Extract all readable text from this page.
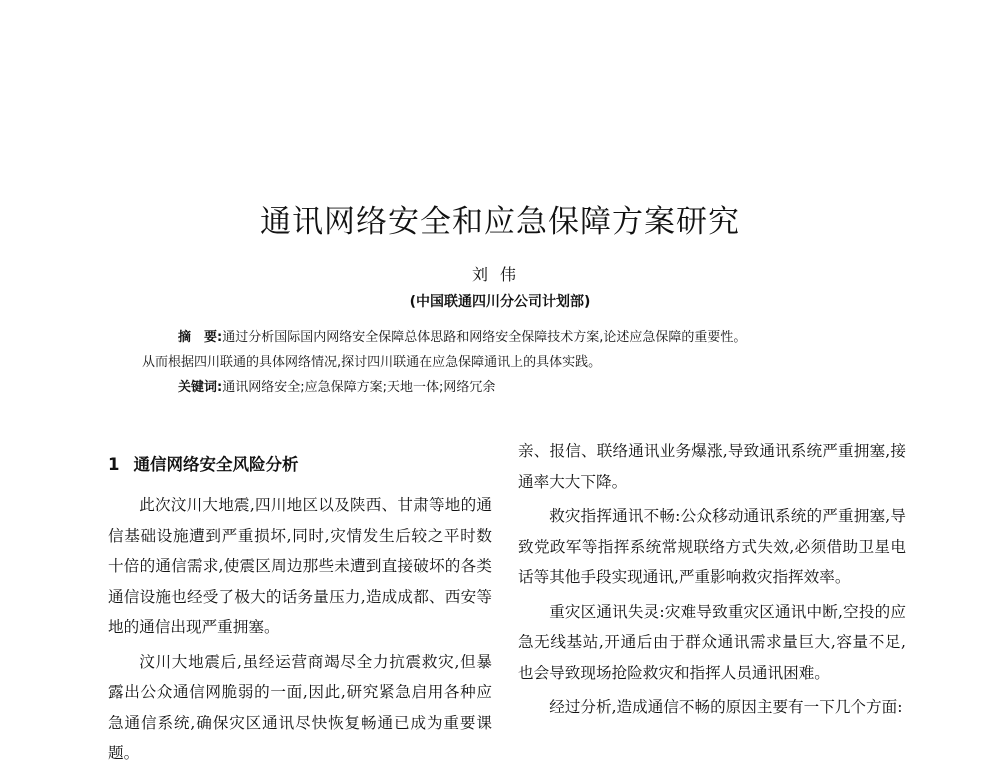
通讯网络安全和应急保障方案研究
刘伟
(中国联通四川分公司计划部)

摘　要:通过分析国际国内网络安全保障总体思路和网络安全保障技术方案,论述应急保障的重要性。

从而根据四川联通的具体网络情况,探讨四川联通在应急保障通讯上的具体实践。

关键词:通讯网络安全;应急保障方案;天地一体;网络冗余

1 通信网络安全风险分析

此次汶川大地震,四川地区以及陕西、甘肃等地的通信基础设施遭到严重损坏,同时,灾情发生后较之平时数十倍的通信需求,使震区周边那些未遭到直接破坏的各类通信设施也经受了极大的话务量压力,造成成都、西安等地的通信出现严重拥塞。

汶川大地震后,虽经运营商竭尽全力抗震救灾,但暴露出公众通信网脆弱的一面,因此,研究紧急启用各种应急通信系统,确保灾区通讯尽快恢复畅通已成为重要课题。

亲、报信、联络通讯业务爆涨,导致通讯系统严重拥塞,接通率大大下降。

救灾指挥通讯不畅:公众移动通讯系统的严重拥塞,导致党政军等指挥系统常规联络方式失效,必须借助卫星电话等其他手段实现通讯,严重影响救灾指挥效率。

重灾区通讯失灵:灾难导致重灾区通讯中断,空投的应急无线基站,开通后由于群众通讯需求量巨大,容量不足,也会导致现场抢险救灾和指挥人员通讯困难。

经过分析,造成通信不畅的原因主要有一下几个方面:
